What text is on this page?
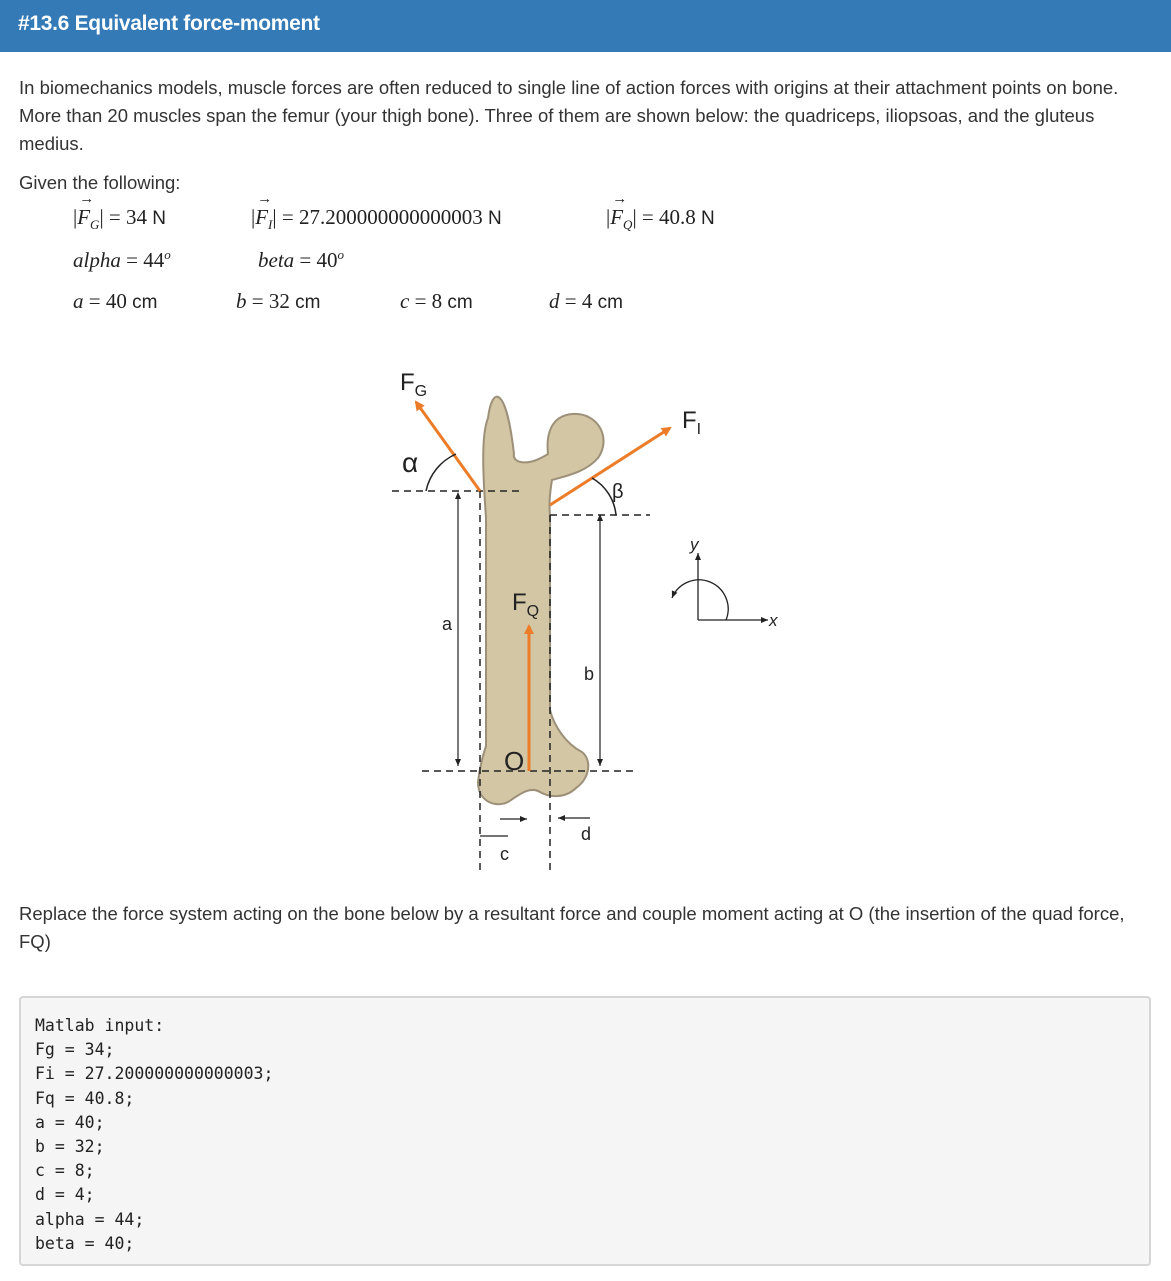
#13.6 Equivalent force-moment
In biomechanics models, muscle forces are often reduced to single line of action forces with origins at their attachment points on bone. More than 20 muscles span the femur (your thigh bone). Three of them are shown below: the quadriceps, iliopsoas, and the gluteus medius.
Given the following:
|→ $F_G| = 34$ N	|→ $F_I| = 27.200000000000003$ N	|→ $F_Q| = 40.8$ N
alpha = $44^o$	beta = $40^o$
a = 40 cm	b = 32 cm	c = 8 cm	d = 4 cm
$F_G$
$F_I$
$F_Q$
α
β
O
a
b
c
d
x
y
Replace the force system acting on the bone below by a resultant force and couple moment acting at O (the insertion of the quad force, FQ)
Matlab input:
Fg = 34;
Fi = 27.200000000000003;
Fq = 40.8;
a = 40;
b = 32;
c = 8;
d = 4;
alpha = 44;
beta = 40;
